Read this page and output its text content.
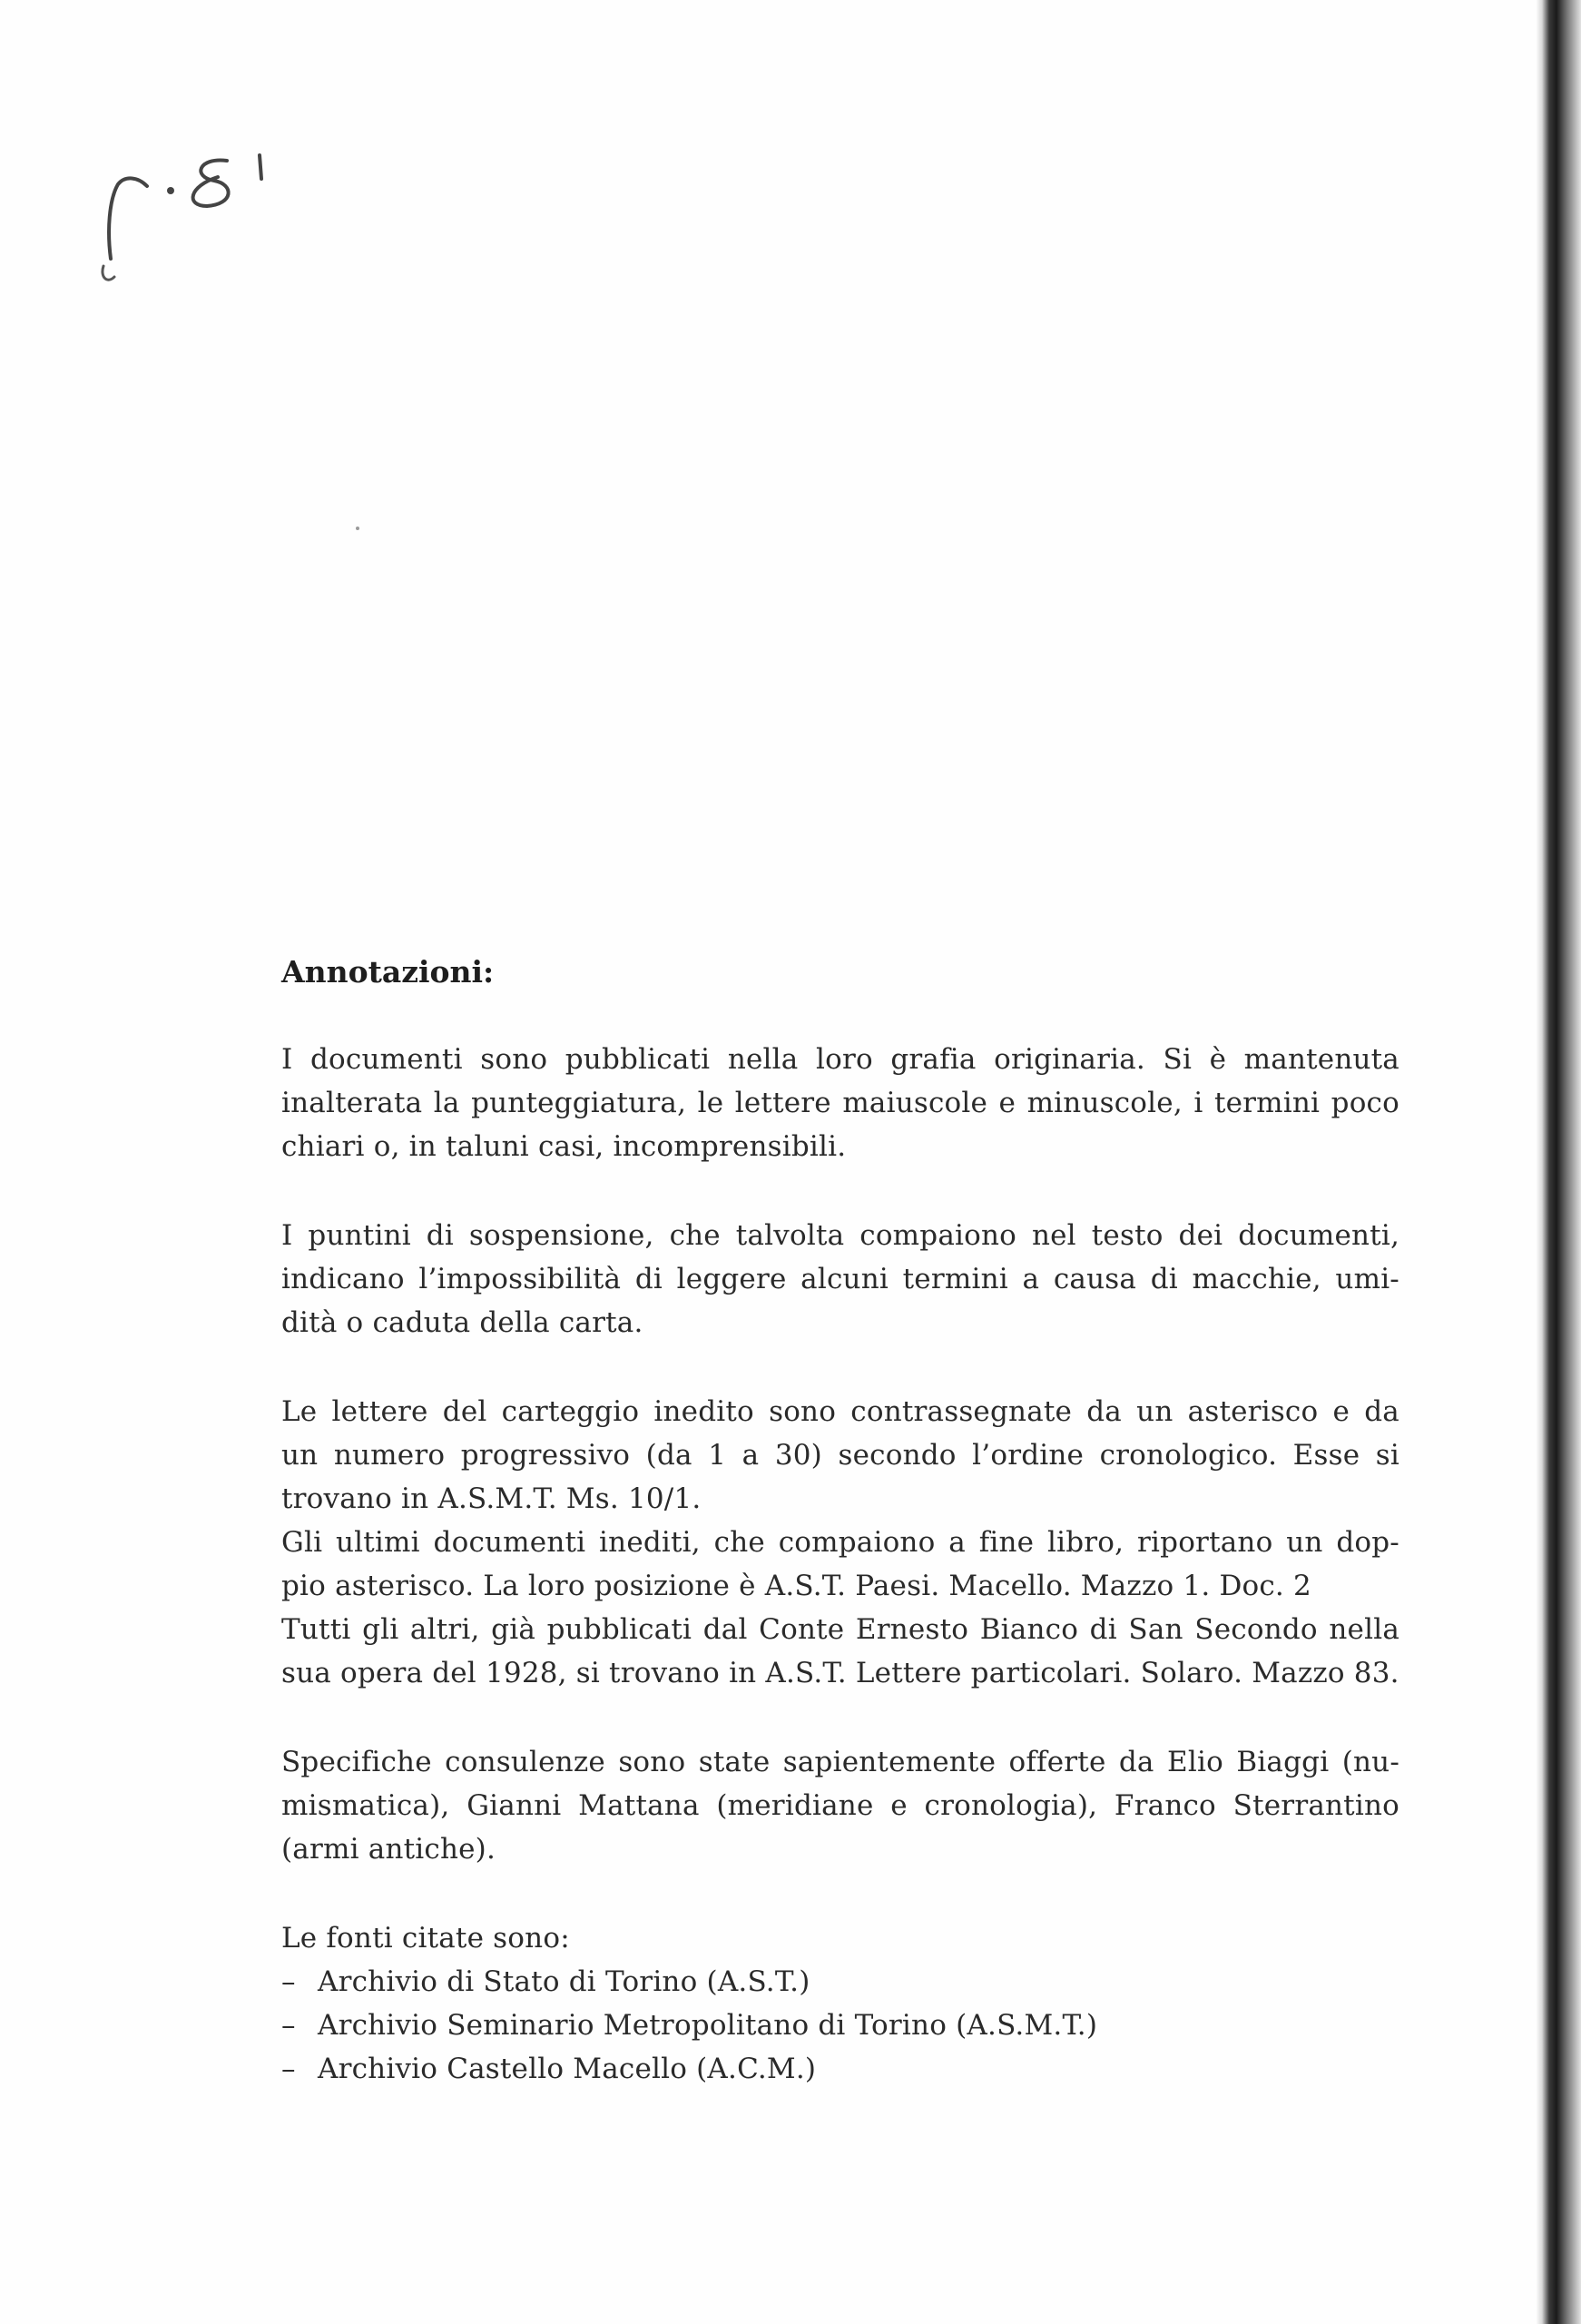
Annotazioni:
I documenti sono pubblicati nella loro grafia originaria. Si è mantenuta
inalterata la punteggiatura, le lettere maiuscole e minuscole, i termini poco
chiari o, in taluni casi, incomprensibili.
I puntini di sospensione, che talvolta compaiono nel testo dei documenti,
indicano l’impossibilità di leggere alcuni termini a causa di macchie, umi-
dità o caduta della carta.
Le lettere del carteggio inedito sono contrassegnate da un asterisco e da
un numero progressivo (da 1 a 30) secondo l’ordine cronologico. Esse si
trovano in A.S.M.T. Ms. 10/1.
Gli ultimi documenti inediti, che compaiono a fine libro, riportano un dop-
pio asterisco. La loro posizione è A.S.T. Paesi. Macello. Mazzo 1. Doc. 2
Tutti gli altri, già pubblicati dal Conte Ernesto Bianco di San Secondo nella
sua opera del 1928, si trovano in A.S.T. Lettere particolari. Solaro. Mazzo 83.
Specifiche consulenze sono state sapientemente offerte da Elio Biaggi (nu-
mismatica), Gianni Mattana (meridiane e cronologia), Franco Sterrantino
(armi antiche).
Le fonti citate sono:
– Archivio di Stato di Torino (A.S.T.)
– Archivio Seminario Metropolitano di Torino (A.S.M.T.)
– Archivio Castello Macello (A.C.M.)
